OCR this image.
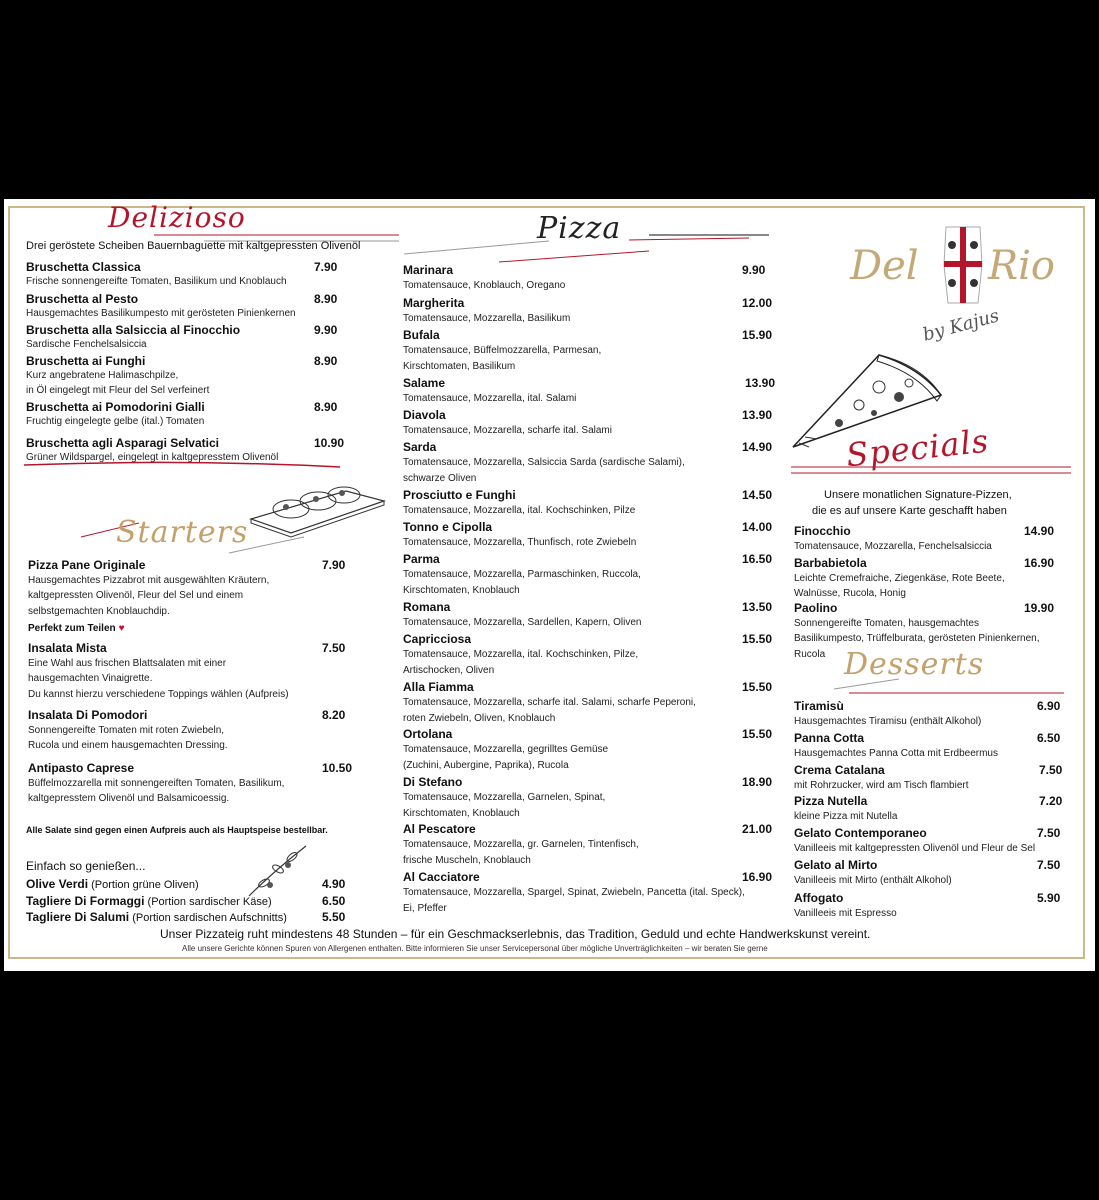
Delizioso
Drei geröstete Scheiben Bauernbaguette mit kaltgepressten Olivenöl
Bruschetta Classica	7.90
Frische sonnengereifte Tomaten, Basilikum und Knoblauch
Bruschetta al Pesto	8.90
Hausgemachtes Basilikumpesto mit gerösteten Pinienkernen
Bruschetta alla Salsiccia al Finocchio	9.90
Sardische Fenchelsalsiccia
Bruschetta ai Funghi	8.90
Kurz angebratene Halimaschpilze,
in Öl eingelegt mit Fleur del Sel verfeinert
Bruschetta ai Pomodorini Gialli	8.90
Fruchtig eingelegte gelbe (ital.) Tomaten
Bruschetta agli Asparagi Selvatici	10.90
Grüner Wildspargel, eingelegt in kaltgepresstem Olivenöl
Starters
Pizza Pane Originale	7.90
Hausgemachtes Pizzabrot mit ausgewählten Kräutern,
kaltgepressten Olivenöl, Fleur del Sel und einem
selbstgemachten Knoblauchdip.
Perfekt zum Teilen ♥
Insalata Mista	7.50
Eine Wahl aus frischen Blattsalaten mit einer
hausgemachten Vinaigrette.
Du kannst hierzu verschiedene Toppings wählen (Aufpreis)
Insalata Di Pomodori	8.20
Sonnengereifte Tomaten mit roten Zwiebeln,
Rucola und einem hausgemachten Dressing.
Antipasto Caprese	10.50
Büffelmozzarella mit sonnengereiften Tomaten, Basilikum,
kaltgepresstem Olivenöl und Balsamicoessig.
Alle Salate sind gegen einen Aufpreis auch als Hauptspeise bestellbar.
Einfach so genießen...
Olive Verdi (Portion grüne Oliven)	4.90
Tagliere Di Formaggi (Portion sardischer Käse)	6.50
Tagliere Di Salumi (Portion sardischen Aufschnitts)	5.50
Pizza
Marinara	9.90
Tomatensauce, Knoblauch, Oregano
Margherita	12.00
Tomatensauce, Mozzarella, Basilikum
Bufala	15.90
Tomatensauce, Büffelmozzarella, Parmesan,
Kirschtomaten, Basilikum
Salame	13.90
Tomatensauce, Mozzarella, ital. Salami
Diavola	13.90
Tomatensauce, Mozzarella, scharfe ital. Salami
Sarda	14.90
Tomatensauce, Mozzarella, Salsiccia Sarda (sardische Salami),
schwarze Oliven
Prosciutto e Funghi	14.50
Tomatensauce, Mozzarella, ital. Kochschinken, Pilze
Tonno e Cipolla	14.00
Tomatensauce, Mozzarella, Thunfisch, rote Zwiebeln
Parma	16.50
Tomatensauce, Mozzarella, Parmaschinken, Ruccola,
Kirschtomaten, Knoblauch
Romana	13.50
Tomatensauce, Mozzarella, Sardellen, Kapern, Oliven
Capricciosa	15.50
Tomatensauce, Mozzarella, ital. Kochschinken, Pilze,
Artischocken, Oliven
Alla Fiamma	15.50
Tomatensauce, Mozzarella, scharfe ital. Salami, scharfe Peperoni,
roten Zwiebeln, Oliven, Knoblauch
Ortolana	15.50
Tomatensauce, Mozzarella, gegrilltes Gemüse
(Zuchini, Aubergine, Paprika), Rucola
Di Stefano	18.90
Tomatensauce, Mozzarella, Garnelen, Spinat,
Kirschtomaten, Knoblauch
Al Pescatore	21.00
Tomatensauce, Mozzarella, gr. Garnelen, Tintenfisch,
frische Muscheln, Knoblauch
Al Cacciatore	16.90
Tomatensauce, Mozzarella, Spargel, Spinat, Zwiebeln, Pancetta (ital. Speck),
Ei, Pfeffer
Del Rio
by Kajus
Specials
Unsere monatlichen Signature-Pizzen,
die es auf unsere Karte geschafft haben
Finocchio	14.90
Tomatensauce, Mozzarella, Fenchelsalsiccia
Barbabietola	16.90
Leichte Cremefraiche, Ziegenkäse, Rote Beete,
Walnüsse, Rucola, Honig
Paolino	19.90
Sonnengereifte Tomaten, hausgemachtes
Basilikumpesto, Trüffelburata, gerösteten Pinienkernen,
Rucola Desserts
Tiramisù	6.90
Hausgemachtes Tiramisu (enthält Alkohol)
Panna Cotta	6.50
Hausgemachtes Panna Cotta mit Erdbeermus
Crema Catalana	7.50
mit Rohrzucker, wird am Tisch flambiert
Pizza Nutella	7.20
kleine Pizza mit Nutella
Gelato Contemporaneo	7.50
Vanilleeis mit kaltgepressten Olivenöl und Fleur de Sel
Gelato al Mirto	7.50
Vanilleeis mit Mirto (enthält Alkohol)
Affogato	5.90
Vanilleeis mit Espresso
Unser Pizzateig ruht mindestens 48 Stunden – für ein Geschmackserlebnis, das Tradition, Geduld und echte Handwerkskunst vereint.
Alle unsere Gerichte können Spuren von Allergenen enthalten. Bitte informieren Sie unser Servicepersonal über mögliche Unverträglichkeiten – wir beraten Sie gerne
